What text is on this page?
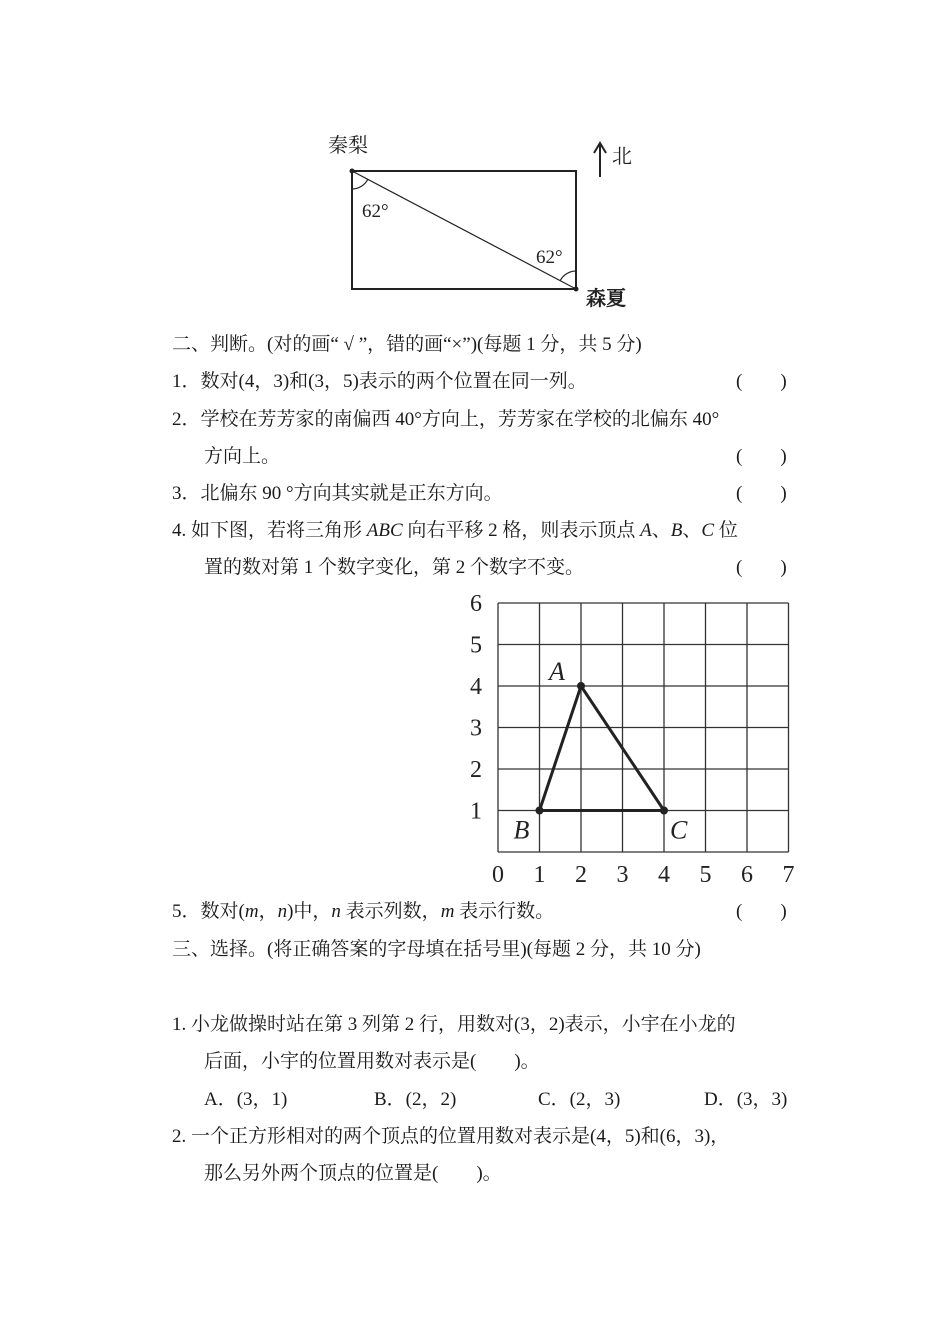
秦梨
62°
62°
森夏
北
二、判断。(对的画“ √ ”，错的画“×”)(每题 1 分，共 5 分)
1．数对(4，3)和(3，5)表示的两个位置在同一列。	(　　)
2．学校在芳芳家的南偏西 40°方向上，芳芳家在学校的北偏东 40°
方向上。	(　　)
3．北偏东 90 °方向其实就是正东方向。	(　　)
4. 如下图，若将三角形 ABC 向右平移 2 格，则表示顶点 A、B、C 位
置的数对第 1 个数字变化，第 2 个数字不变。	(　　)
0 1 2 3 4 5 6 7
1
2
3
4
5
6
A
B	C
5．数对(m，n)中，n 表示列数，m 表示行数。	(　　)
三、选择。(将正确答案的字母填在括号里)(每题 2 分，共 10 分)
1. 小龙做操时站在第 3 列第 2 行，用数对(3，2)表示，小宇在小龙的
后面，小宇的位置用数对表示是(　　)。
A．(3，1)	B．(2，2)	C．(2，3)	D．(3，3)
2. 一个正方形相对的两个顶点的位置用数对表示是(4，5)和(6，3)，
那么另外两个顶点的位置是(　　)。
